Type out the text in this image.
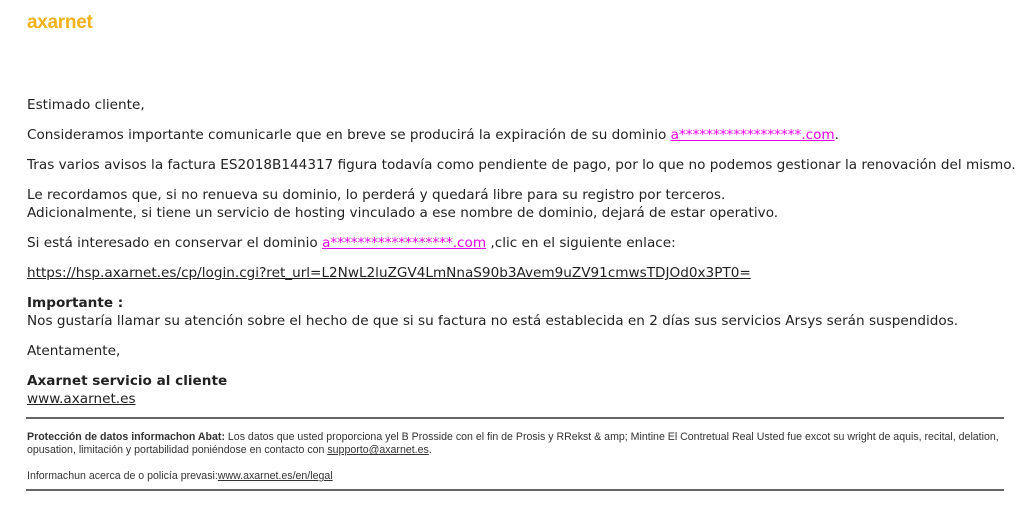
axarnet

Estimado cliente,

Consideramos importante comunicarle que en breve se producirá la expiración de su dominio a******************.com.

Tras varios avisos la factura ES2018B144317 figura todavía como pendiente de pago, por lo que no podemos gestionar la renovación del mismo.

Le recordamos que, si no renueva su dominio, lo perderá y quedará libre para su registro por terceros.

Adicionalmente, si tiene un servicio de hosting vinculado a ese nombre de dominio, dejará de estar operativo.

Si está interesado en conservar el dominio a******************.com ,clic en el siguiente enlace:

https://hsp.axarnet.es/cp/login.cgi?ret_url=L2NwL2luZGV4LmNnaS90b3Avem9uZV91cmwsTDJOd0x3PT0=

Importante :

Nos gustaría llamar su atención sobre el hecho de que si su factura no está establecida en 2 días sus servicios Arsys serán suspendidos.

Atentamente,

Axarnet servicio al cliente

www.axarnet.es

Protección de datos informachon Abat: Los datos que usted proporciona yel B Prosside con el fin de Prosis y RRekst & amp; Mintine El Contretual Real Usted fue excot su wright de aquis, recital, delation, opusation, limitación y portabilidad poniéndose en contacto con supporto@axarnet.es.

Informachun acerca de o policía prevasi:www.axarnet.es/en/legal
